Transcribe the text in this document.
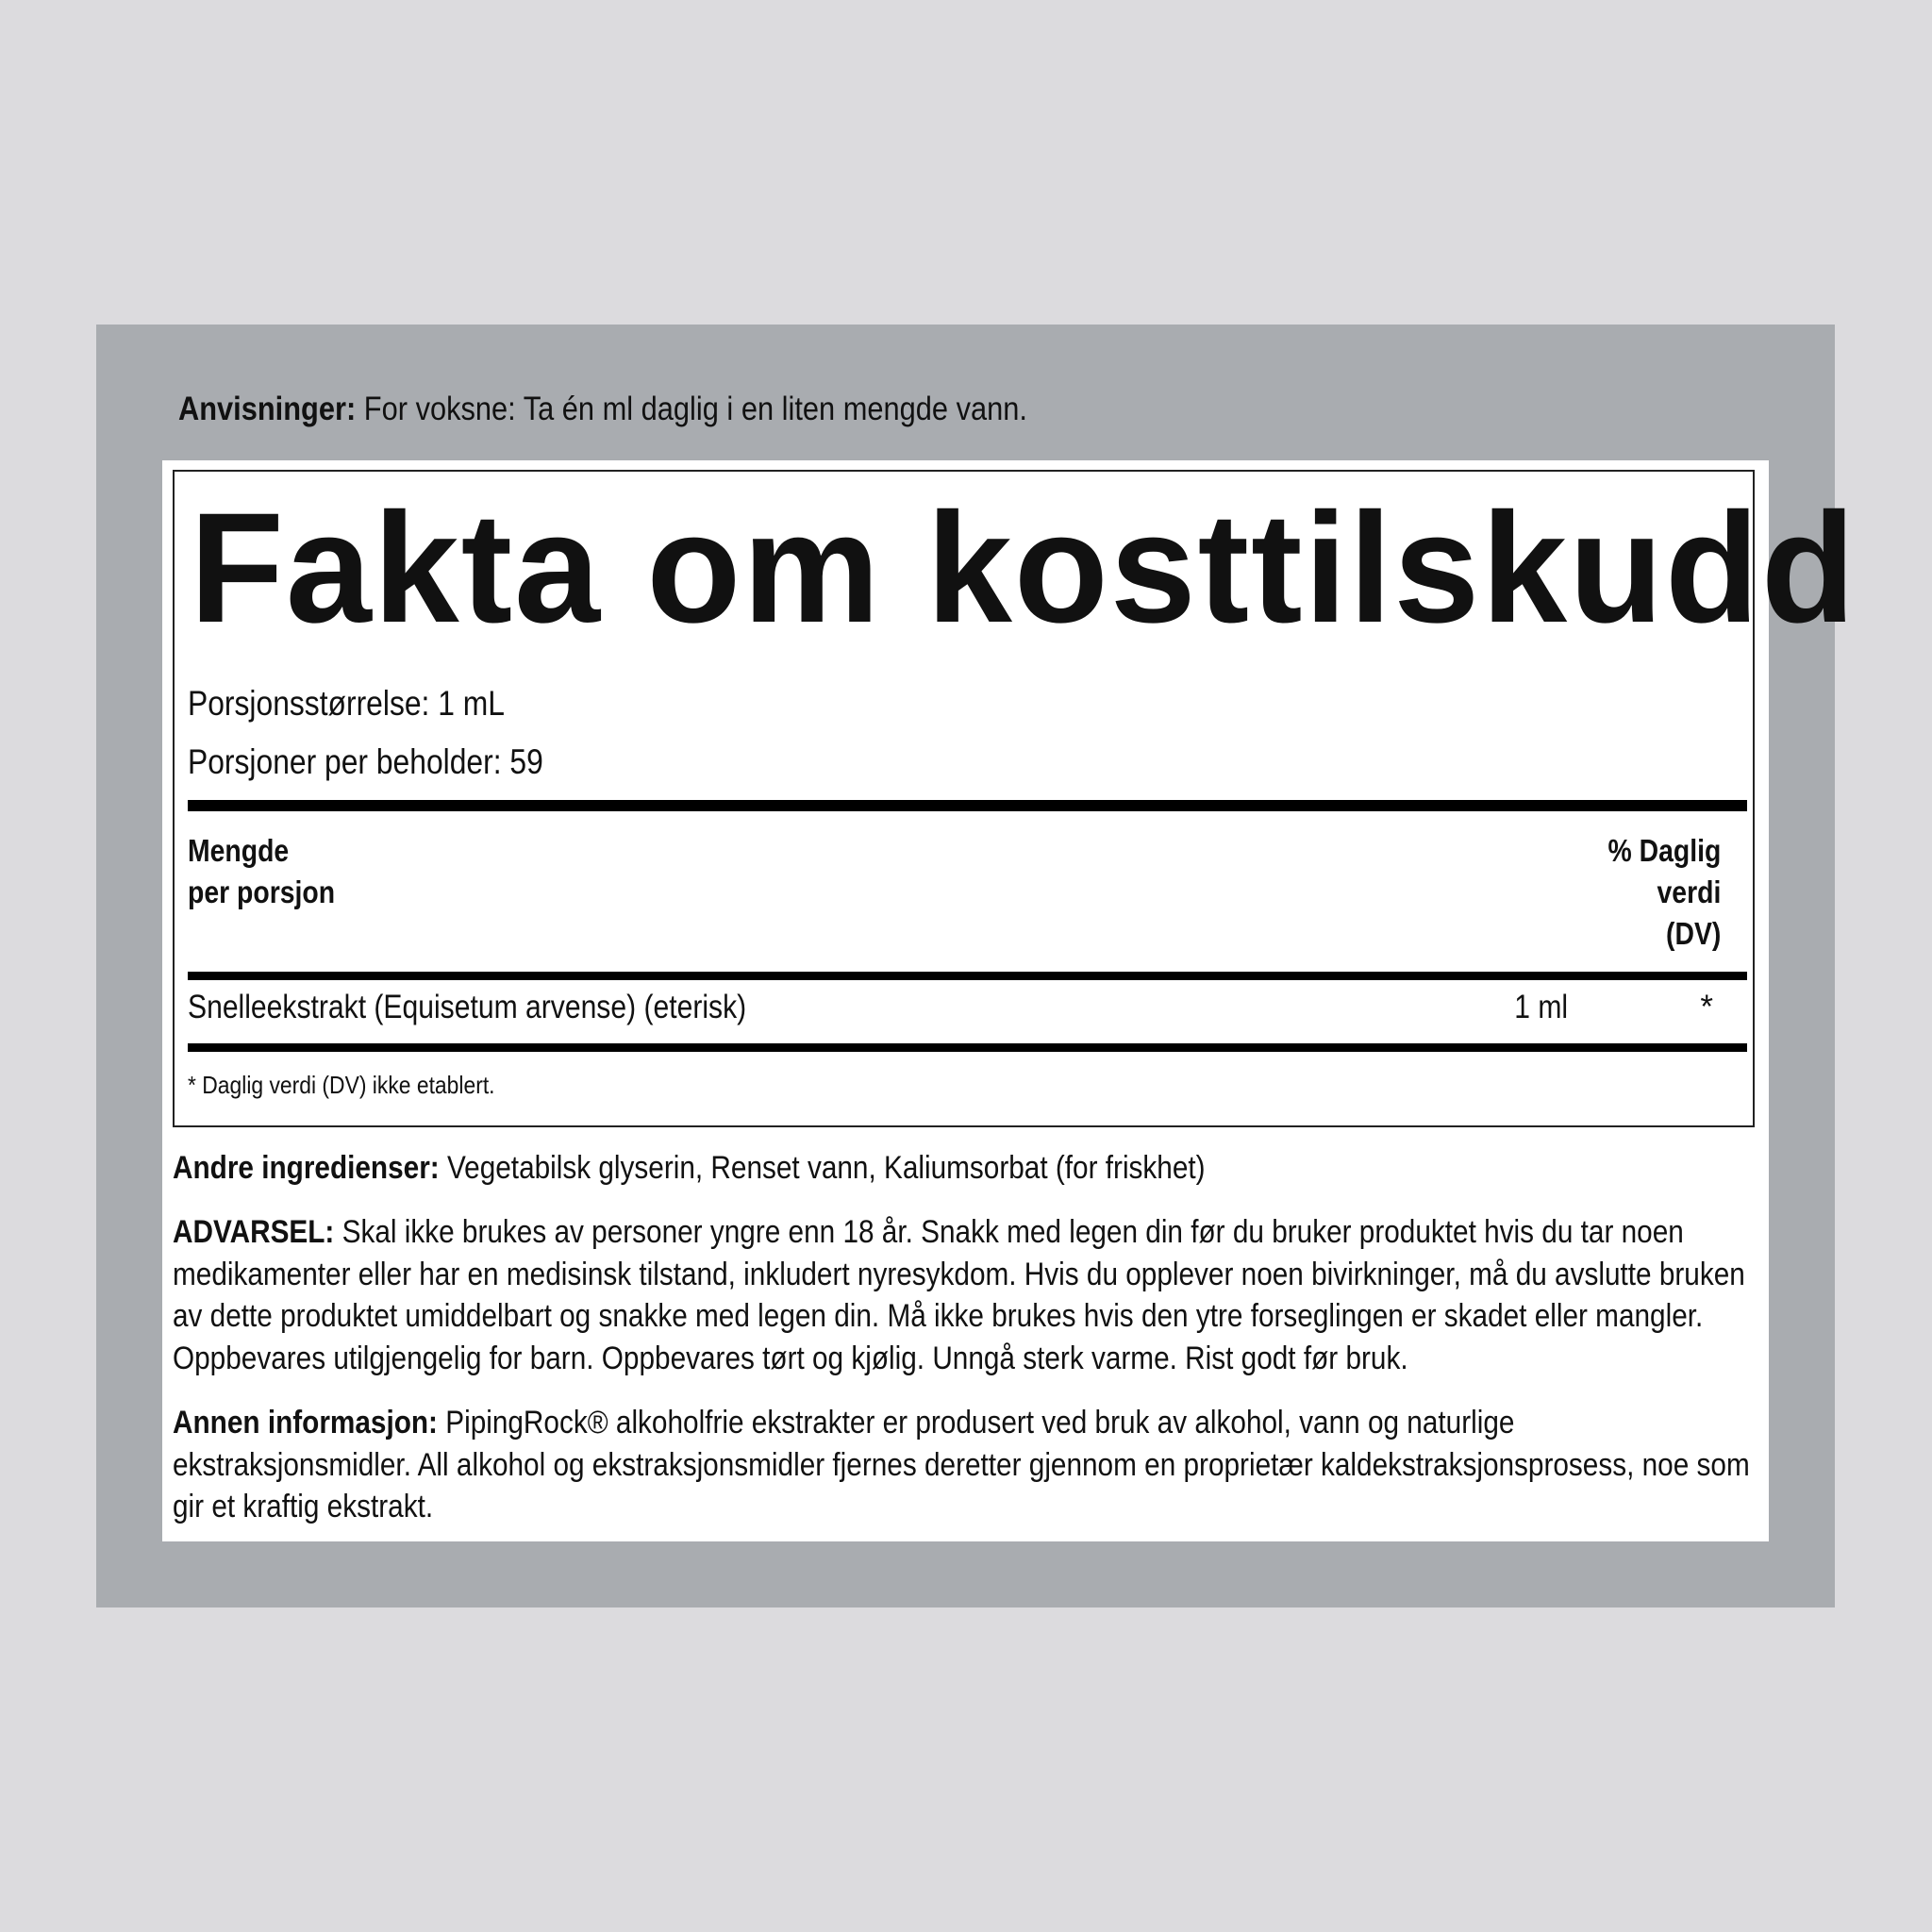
Anvisninger: For voksne: Ta én ml daglig i en liten mengde vann.
Fakta om kosttilskudd
Porsjonsstørrelse: 1 mL
Porsjoner per beholder: 59
Mengde
per porsjon
% Daglig
verdi
(DV)
Snelleekstrakt (Equisetum arvense) (eterisk)	1 ml	*
* Daglig verdi (DV) ikke etablert.
Andre ingredienser: Vegetabilsk glyserin, Renset vann, Kaliumsorbat (for friskhet)
ADVARSEL: Skal ikke brukes av personer yngre enn 18 år. Snakk med legen din før du bruker produktet hvis du tar noen medikamenter eller har en medisinsk tilstand, inkludert nyresykdom. Hvis du opplever noen bivirkninger, må du avslutte bruken av dette produktet umiddelbart og snakke med legen din. Må ikke brukes hvis den ytre forseglingen er skadet eller mangler. Oppbevares utilgjengelig for barn. Oppbevares tørt og kjølig. Unngå sterk varme. Rist godt før bruk.
Annen informasjon: PipingRock® alkoholfrie ekstrakter er produsert ved bruk av alkohol, vann og naturlige ekstraksjonsmidler. All alkohol og ekstraksjonsmidler fjernes deretter gjennom en proprietær kaldekstraksjonsprosess, noe som gir et kraftig ekstrakt.
